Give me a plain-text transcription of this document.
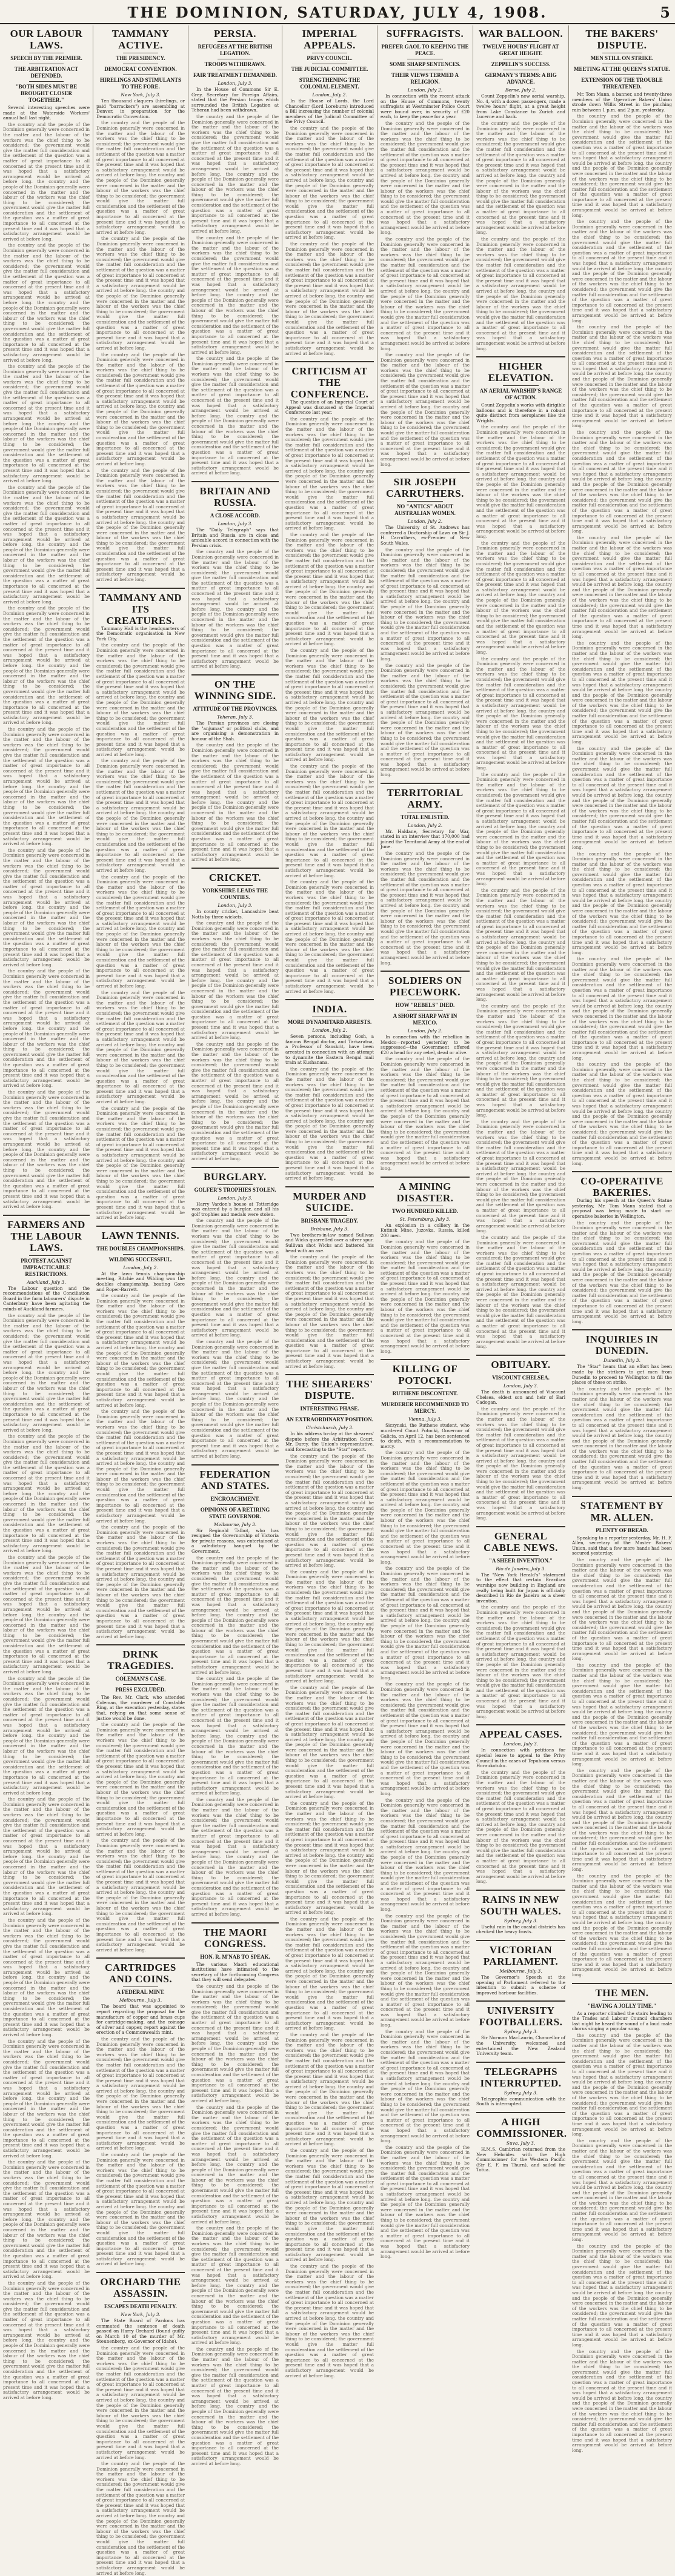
THE DOMINION, SATURDAY, JULY 4, 1908.	5
OUR LABOUR LAWS.
SPEECH BY THE PREMIER.
THE ARBITRATION ACT DEFENDED.
"BOTH SIDES MUST BE BROUGHT CLOSER TOGETHER."

Several interesting speeches were made at the Waterside Workers' annual ball last night.

the country and the people of the Dominion generally were concerned in the matter and the labour of the workers was the chief thing to be considered; the government would give the matter full consideration and the settlement of the question was a matter of great importance to all concerned at the present time and it was hoped that a satisfactory arrangement would be arrived at before long. the country and the people of the Dominion generally were concerned in the matter and the labour of the workers was the chief thing to be considered; the government would give the matter full consideration and the settlement of the question was a matter of great importance to all concerned at the present time and it was hoped that a satisfactory arrangement would be arrived at before long.

the country and the people of the Dominion generally were concerned in the matter and the labour of the workers was the chief thing to be considered; the government would give the matter full consideration and the settlement of the question was a matter of great importance to all concerned at the present time and it was hoped that a satisfactory arrangement would be arrived at before long. the country and the people of the Dominion generally were concerned in the matter and the labour of the workers was the chief thing to be considered; the government would give the matter full consideration and the settlement of the question was a matter of great importance to all concerned at the present time and it was hoped that a satisfactory arrangement would be arrived at before long.

the country and the people of the Dominion generally were concerned in the matter and the labour of the workers was the chief thing to be considered; the government would give the matter full consideration and the settlement of the question was a matter of great importance to all concerned at the present time and it was hoped that a satisfactory arrangement would be arrived at before long. the country and the people of the Dominion generally were concerned in the matter and the labour of the workers was the chief thing to be considered; the government would give the matter full consideration and the settlement of the question was a matter of great importance to all concerned at the present time and it was hoped that a satisfactory arrangement would be arrived at before long.

the country and the people of the Dominion generally were concerned in the matter and the labour of the workers was the chief thing to be considered; the government would give the matter full consideration and the settlement of the question was a matter of great importance to all concerned at the present time and it was hoped that a satisfactory arrangement would be arrived at before long. the country and the people of the Dominion generally were concerned in the matter and the labour of the workers was the chief thing to be considered; the government would give the matter full consideration and the settlement of the question was a matter of great importance to all concerned at the present time and it was hoped that a satisfactory arrangement would be arrived at before long.

the country and the people of the Dominion generally were concerned in the matter and the labour of the workers was the chief thing to be considered; the government would give the matter full consideration and the settlement of the question was a matter of great importance to all concerned at the present time and it was hoped that a satisfactory arrangement would be arrived at before long. the country and the people of the Dominion generally were concerned in the matter and the labour of the workers was the chief thing to be considered; the government would give the matter full consideration and the settlement of the question was a matter of great importance to all concerned at the present time and it was hoped that a satisfactory arrangement would be arrived at before long.

the country and the people of the Dominion generally were concerned in the matter and the labour of the workers was the chief thing to be considered; the government would give the matter full consideration and the settlement of the question was a matter of great importance to all concerned at the present time and it was hoped that a satisfactory arrangement would be arrived at before long. the country and the people of the Dominion generally were concerned in the matter and the labour of the workers was the chief thing to be considered; the government would give the matter full consideration and the settlement of the question was a matter of great importance to all concerned at the present time and it was hoped that a satisfactory arrangement would be arrived at before long.

the country and the people of the Dominion generally were concerned in the matter and the labour of the workers was the chief thing to be considered; the government would give the matter full consideration and the settlement of the question was a matter of great importance to all concerned at the present time and it was hoped that a satisfactory arrangement would be arrived at before long. the country and the people of the Dominion generally were concerned in the matter and the labour of the workers was the chief thing to be considered; the government would give the matter full consideration and the settlement of the question was a matter of great importance to all concerned at the present time and it was hoped that a satisfactory arrangement would be arrived at before long.

the country and the people of the Dominion generally were concerned in the matter and the labour of the workers was the chief thing to be considered; the government would give the matter full consideration and the settlement of the question was a matter of great importance to all concerned at the present time and it was hoped that a satisfactory arrangement would be arrived at before long. the country and the people of the Dominion generally were concerned in the matter and the labour of the workers was the chief thing to be considered; the government would give the matter full consideration and the settlement of the question was a matter of great importance to all concerned at the present time and it was hoped that a satisfactory arrangement would be arrived at before long.

the country and the people of the Dominion generally were concerned in the matter and the labour of the workers was the chief thing to be considered; the government would give the matter full consideration and the settlement of the question was a matter of great importance to all concerned at the present time and it was hoped that a satisfactory arrangement would be arrived at before long. the country and the people of the Dominion generally were concerned in the matter and the labour of the workers was the chief thing to be considered; the government would give the matter full consideration and the settlement of the question was a matter of great importance to all concerned at the present time and it was hoped that a satisfactory arrangement would be arrived at before long.

FARMERS AND THE LABOUR LAWS.
PROTEST AGAINST IMPRACTICABLE RESTRICTIONS.
Auckland, July 3.

The Labour question and the recommendations of the Conciliation Board in the farm labourers' dispute in Canterbury have been agitating the minds of Auckland farmers.

the country and the people of the Dominion generally were concerned in the matter and the labour of the workers was the chief thing to be considered; the government would give the matter full consideration and the settlement of the question was a matter of great importance to all concerned at the present time and it was hoped that a satisfactory arrangement would be arrived at before long. the country and the people of the Dominion generally were concerned in the matter and the labour of the workers was the chief thing to be considered; the government would give the matter full consideration and the settlement of the question was a matter of great importance to all concerned at the present time and it was hoped that a satisfactory arrangement would be arrived at before long.

the country and the people of the Dominion generally were concerned in the matter and the labour of the workers was the chief thing to be considered; the government would give the matter full consideration and the settlement of the question was a matter of great importance to all concerned at the present time and it was hoped that a satisfactory arrangement would be arrived at before long. the country and the people of the Dominion generally were concerned in the matter and the labour of the workers was the chief thing to be considered; the government would give the matter full consideration and the settlement of the question was a matter of great importance to all concerned at the present time and it was hoped that a satisfactory arrangement would be arrived at before long.

the country and the people of the Dominion generally were concerned in the matter and the labour of the workers was the chief thing to be considered; the government would give the matter full consideration and the settlement of the question was a matter of great importance to all concerned at the present time and it was hoped that a satisfactory arrangement would be arrived at before long. the country and the people of the Dominion generally were concerned in the matter and the labour of the workers was the chief thing to be considered; the government would give the matter full consideration and the settlement of the question was a matter of great importance to all concerned at the present time and it was hoped that a satisfactory arrangement would be arrived at before long.

the country and the people of the Dominion generally were concerned in the matter and the labour of the workers was the chief thing to be considered; the government would give the matter full consideration and the settlement of the question was a matter of great importance to all concerned at the present time and it was hoped that a satisfactory arrangement would be arrived at before long. the country and the people of the Dominion generally were concerned in the matter and the labour of the workers was the chief thing to be considered; the government would give the matter full consideration and the settlement of the question was a matter of great importance to all concerned at the present time and it was hoped that a satisfactory arrangement would be arrived at before long.

the country and the people of the Dominion generally were concerned in the matter and the labour of the workers was the chief thing to be considered; the government would give the matter full consideration and the settlement of the question was a matter of great importance to all concerned at the present time and it was hoped that a satisfactory arrangement would be arrived at before long. the country and the people of the Dominion generally were concerned in the matter and the labour of the workers was the chief thing to be considered; the government would give the matter full consideration and the settlement of the question was a matter of great importance to all concerned at the present time and it was hoped that a satisfactory arrangement would be arrived at before long.

the country and the people of the Dominion generally were concerned in the matter and the labour of the workers was the chief thing to be considered; the government would give the matter full consideration and the settlement of the question was a matter of great importance to all concerned at the present time and it was hoped that a satisfactory arrangement would be arrived at before long. the country and the people of the Dominion generally were concerned in the matter and the labour of the workers was the chief thing to be considered; the government would give the matter full consideration and the settlement of the question was a matter of great importance to all concerned at the present time and it was hoped that a satisfactory arrangement would be arrived at before long.

the country and the people of the Dominion generally were concerned in the matter and the labour of the workers was the chief thing to be considered; the government would give the matter full consideration and the settlement of the question was a matter of great importance to all concerned at the present time and it was hoped that a satisfactory arrangement would be arrived at before long. the country and the people of the Dominion generally were concerned in the matter and the labour of the workers was the chief thing to be considered; the government would give the matter full consideration and the settlement of the question was a matter of great importance to all concerned at the present time and it was hoped that a satisfactory arrangement would be arrived at before long.

the country and the people of the Dominion generally were concerned in the matter and the labour of the workers was the chief thing to be considered; the government would give the matter full consideration and the settlement of the question was a matter of great importance to all concerned at the present time and it was hoped that a satisfactory arrangement would be arrived at before long. the country and the people of the Dominion generally were concerned in the matter and the labour of the workers was the chief thing to be considered; the government would give the matter full consideration and the settlement of the question was a matter of great importance to all concerned at the present time and it was hoped that a satisfactory arrangement would be arrived at before long.

the country and the people of the Dominion generally were concerned in the matter and the labour of the workers was the chief thing to be considered; the government would give the matter full consideration and the settlement of the question was a matter of great importance to all concerned at the present time and it was hoped that a satisfactory arrangement would be arrived at before long. the country and the people of the Dominion generally were concerned in the matter and the labour of the workers was the chief thing to be considered; the government would give the matter full consideration and the settlement of the question was a matter of great importance to all concerned at the present time and it was hoped that a satisfactory arrangement would be arrived at before long.

TAMMANY ACTIVE.
THE PRESIDENCY.
DEMOCRAT CONVENTION.
HIRELINGS AND STIMULANTS TO THE FORE.
New York, July 3.

Ten thousand claquers (hirelings, or paid "barrackers") are assembling at Denver, in preparation for the Democratic Convention.

the country and the people of the Dominion generally were concerned in the matter and the labour of the workers was the chief thing to be considered; the government would give the matter full consideration and the settlement of the question was a matter of great importance to all concerned at the present time and it was hoped that a satisfactory arrangement would be arrived at before long. the country and the people of the Dominion generally were concerned in the matter and the labour of the workers was the chief thing to be considered; the government would give the matter full consideration and the settlement of the question was a matter of great importance to all concerned at the present time and it was hoped that a satisfactory arrangement would be arrived at before long.

the country and the people of the Dominion generally were concerned in the matter and the labour of the workers was the chief thing to be considered; the government would give the matter full consideration and the settlement of the question was a matter of great importance to all concerned at the present time and it was hoped that a satisfactory arrangement would be arrived at before long. the country and the people of the Dominion generally were concerned in the matter and the labour of the workers was the chief thing to be considered; the government would give the matter full consideration and the settlement of the question was a matter of great importance to all concerned at the present time and it was hoped that a satisfactory arrangement would be arrived at before long.

the country and the people of the Dominion generally were concerned in the matter and the labour of the workers was the chief thing to be considered; the government would give the matter full consideration and the settlement of the question was a matter of great importance to all concerned at the present time and it was hoped that a satisfactory arrangement would be arrived at before long. the country and the people of the Dominion generally were concerned in the matter and the labour of the workers was the chief thing to be considered; the government would give the matter full consideration and the settlement of the question was a matter of great importance to all concerned at the present time and it was hoped that a satisfactory arrangement would be arrived at before long.

the country and the people of the Dominion generally were concerned in the matter and the labour of the workers was the chief thing to be considered; the government would give the matter full consideration and the settlement of the question was a matter of great importance to all concerned at the present time and it was hoped that a satisfactory arrangement would be arrived at before long. the country and the people of the Dominion generally were concerned in the matter and the labour of the workers was the chief thing to be considered; the government would give the matter full consideration and the settlement of the question was a matter of great importance to all concerned at the present time and it was hoped that a satisfactory arrangement would be arrived at before long.

TAMMANY AND ITS CREATURES.

Tammany Hall is the headquarters of the Democratic organisation in New York City.

the country and the people of the Dominion generally were concerned in the matter and the labour of the workers was the chief thing to be considered; the government would give the matter full consideration and the settlement of the question was a matter of great importance to all concerned at the present time and it was hoped that a satisfactory arrangement would be arrived at before long. the country and the people of the Dominion generally were concerned in the matter and the labour of the workers was the chief thing to be considered; the government would give the matter full consideration and the settlement of the question was a matter of great importance to all concerned at the present time and it was hoped that a satisfactory arrangement would be arrived at before long.

the country and the people of the Dominion generally were concerned in the matter and the labour of the workers was the chief thing to be considered; the government would give the matter full consideration and the settlement of the question was a matter of great importance to all concerned at the present time and it was hoped that a satisfactory arrangement would be arrived at before long. the country and the people of the Dominion generally were concerned in the matter and the labour of the workers was the chief thing to be considered; the government would give the matter full consideration and the settlement of the question was a matter of great importance to all concerned at the present time and it was hoped that a satisfactory arrangement would be arrived at before long.

the country and the people of the Dominion generally were concerned in the matter and the labour of the workers was the chief thing to be considered; the government would give the matter full consideration and the settlement of the question was a matter of great importance to all concerned at the present time and it was hoped that a satisfactory arrangement would be arrived at before long. the country and the people of the Dominion generally were concerned in the matter and the labour of the workers was the chief thing to be considered; the government would give the matter full consideration and the settlement of the question was a matter of great importance to all concerned at the present time and it was hoped that a satisfactory arrangement would be arrived at before long.

the country and the people of the Dominion generally were concerned in the matter and the labour of the workers was the chief thing to be considered; the government would give the matter full consideration and the settlement of the question was a matter of great importance to all concerned at the present time and it was hoped that a satisfactory arrangement would be arrived at before long. the country and the people of the Dominion generally were concerned in the matter and the labour of the workers was the chief thing to be considered; the government would give the matter full consideration and the settlement of the question was a matter of great importance to all concerned at the present time and it was hoped that a satisfactory arrangement would be arrived at before long.

the country and the people of the Dominion generally were concerned in the matter and the labour of the workers was the chief thing to be considered; the government would give the matter full consideration and the settlement of the question was a matter of great importance to all concerned at the present time and it was hoped that a satisfactory arrangement would be arrived at before long. the country and the people of the Dominion generally were concerned in the matter and the labour of the workers was the chief thing to be considered; the government would give the matter full consideration and the settlement of the question was a matter of great importance to all concerned at the present time and it was hoped that a satisfactory arrangement would be arrived at before long.

LAWN TENNIS.
THE DOUBLES CHAMPIONSHIPS.
WILDING SUCCESSFUL.
London, July 2.

At the lawn tennis championship meeting, Ritchie and Wilding won the doubles championship, beating Gore and Roper-Barrett.

the country and the people of the Dominion generally were concerned in the matter and the labour of the workers was the chief thing to be considered; the government would give the matter full consideration and the settlement of the question was a matter of great importance to all concerned at the present time and it was hoped that a satisfactory arrangement would be arrived at before long. the country and the people of the Dominion generally were concerned in the matter and the labour of the workers was the chief thing to be considered; the government would give the matter full consideration and the settlement of the question was a matter of great importance to all concerned at the present time and it was hoped that a satisfactory arrangement would be arrived at before long.

the country and the people of the Dominion generally were concerned in the matter and the labour of the workers was the chief thing to be considered; the government would give the matter full consideration and the settlement of the question was a matter of great importance to all concerned at the present time and it was hoped that a satisfactory arrangement would be arrived at before long. the country and the people of the Dominion generally were concerned in the matter and the labour of the workers was the chief thing to be considered; the government would give the matter full consideration and the settlement of the question was a matter of great importance to all concerned at the present time and it was hoped that a satisfactory arrangement would be arrived at before long.

the country and the people of the Dominion generally were concerned in the matter and the labour of the workers was the chief thing to be considered; the government would give the matter full consideration and the settlement of the question was a matter of great importance to all concerned at the present time and it was hoped that a satisfactory arrangement would be arrived at before long. the country and the people of the Dominion generally were concerned in the matter and the labour of the workers was the chief thing to be considered; the government would give the matter full consideration and the settlement of the question was a matter of great importance to all concerned at the present time and it was hoped that a satisfactory arrangement would be arrived at before long.

DRINK TRAGEDIES.
COLEMAN'S CASE.
PRESS EXCLUDED.

The Rev. Mr. Clark, who attended Coleman, the murderer of Constable Ring, at the execution yesterday, states that, relying on that some sense of justice would be done.

the country and the people of the Dominion generally were concerned in the matter and the labour of the workers was the chief thing to be considered; the government would give the matter full consideration and the settlement of the question was a matter of great importance to all concerned at the present time and it was hoped that a satisfactory arrangement would be arrived at before long. the country and the people of the Dominion generally were concerned in the matter and the labour of the workers was the chief thing to be considered; the government would give the matter full consideration and the settlement of the question was a matter of great importance to all concerned at the present time and it was hoped that a satisfactory arrangement would be arrived at before long.

the country and the people of the Dominion generally were concerned in the matter and the labour of the workers was the chief thing to be considered; the government would give the matter full consideration and the settlement of the question was a matter of great importance to all concerned at the present time and it was hoped that a satisfactory arrangement would be arrived at before long. the country and the people of the Dominion generally were concerned in the matter and the labour of the workers was the chief thing to be considered; the government would give the matter full consideration and the settlement of the question was a matter of great importance to all concerned at the present time and it was hoped that a satisfactory arrangement would be arrived at before long.

CARTRIDGES AND COINS.
A FEDERAL MINT.
Melbourne, July 3.

The board that was appointed to report regarding the proposal for the manufacture of copper and brass cups for cartridge-making, and the coinage of silver and copper, report against the erection of a Commonwealth mint.

the country and the people of the Dominion generally were concerned in the matter and the labour of the workers was the chief thing to be considered; the government would give the matter full consideration and the settlement of the question was a matter of great importance to all concerned at the present time and it was hoped that a satisfactory arrangement would be arrived at before long. the country and the people of the Dominion generally were concerned in the matter and the labour of the workers was the chief thing to be considered; the government would give the matter full consideration and the settlement of the question was a matter of great importance to all concerned at the present time and it was hoped that a satisfactory arrangement would be arrived at before long.

the country and the people of the Dominion generally were concerned in the matter and the labour of the workers was the chief thing to be considered; the government would give the matter full consideration and the settlement of the question was a matter of great importance to all concerned at the present time and it was hoped that a satisfactory arrangement would be arrived at before long. the country and the people of the Dominion generally were concerned in the matter and the labour of the workers was the chief thing to be considered; the government would give the matter full consideration and the settlement of the question was a matter of great importance to all concerned at the present time and it was hoped that a satisfactory arrangement would be arrived at before long.

ORCHARD THE ASSASSIN.
ESCAPES DEATH PENALTY.
New York, July 3.

The State Board of Pardons has commuted the sentence of death passed on Harry Orchard (found guilty on March 10 of the murder of Mr. Steunenberg, ex-Governor of Idaho).

the country and the people of the Dominion generally were concerned in the matter and the labour of the workers was the chief thing to be considered; the government would give the matter full consideration and the settlement of the question was a matter of great importance to all concerned at the present time and it was hoped that a satisfactory arrangement would be arrived at before long. the country and the people of the Dominion generally were concerned in the matter and the labour of the workers was the chief thing to be considered; the government would give the matter full consideration and the settlement of the question was a matter of great importance to all concerned at the present time and it was hoped that a satisfactory arrangement would be arrived at before long.

the country and the people of the Dominion generally were concerned in the matter and the labour of the workers was the chief thing to be considered; the government would give the matter full consideration and the settlement of the question was a matter of great importance to all concerned at the present time and it was hoped that a satisfactory arrangement would be arrived at before long. the country and the people of the Dominion generally were concerned in the matter and the labour of the workers was the chief thing to be considered; the government would give the matter full consideration and the settlement of the question was a matter of great importance to all concerned at the present time and it was hoped that a satisfactory arrangement would be arrived at before long.

PERSIA.
REFUGEES AT THE BRITISH LEGATION.
TROOPS WITHDRAWN.
FAIR TREATMENT DEMANDED.
London, July 3.

In the House of Commons Sir E. Grey, Secretary for Foreign Affairs, stated that the Persian troops which surrounded the British Legation at Teheran had been withdrawn.

the country and the people of the Dominion generally were concerned in the matter and the labour of the workers was the chief thing to be considered; the government would give the matter full consideration and the settlement of the question was a matter of great importance to all concerned at the present time and it was hoped that a satisfactory arrangement would be arrived at before long. the country and the people of the Dominion generally were concerned in the matter and the labour of the workers was the chief thing to be considered; the government would give the matter full consideration and the settlement of the question was a matter of great importance to all concerned at the present time and it was hoped that a satisfactory arrangement would be arrived at before long.

the country and the people of the Dominion generally were concerned in the matter and the labour of the workers was the chief thing to be considered; the government would give the matter full consideration and the settlement of the question was a matter of great importance to all concerned at the present time and it was hoped that a satisfactory arrangement would be arrived at before long. the country and the people of the Dominion generally were concerned in the matter and the labour of the workers was the chief thing to be considered; the government would give the matter full consideration and the settlement of the question was a matter of great importance to all concerned at the present time and it was hoped that a satisfactory arrangement would be arrived at before long.

the country and the people of the Dominion generally were concerned in the matter and the labour of the workers was the chief thing to be considered; the government would give the matter full consideration and the settlement of the question was a matter of great importance to all concerned at the present time and it was hoped that a satisfactory arrangement would be arrived at before long. the country and the people of the Dominion generally were concerned in the matter and the labour of the workers was the chief thing to be considered; the government would give the matter full consideration and the settlement of the question was a matter of great importance to all concerned at the present time and it was hoped that a satisfactory arrangement would be arrived at before long.

BRITAIN AND RUSSIA.
A CLOSE ACCORD.
London, July 3.

The "Daily Telegraph" says that Britain and Russia are in close and amicable accord in connection with the Persian crisis.

the country and the people of the Dominion generally were concerned in the matter and the labour of the workers was the chief thing to be considered; the government would give the matter full consideration and the settlement of the question was a matter of great importance to all concerned at the present time and it was hoped that a satisfactory arrangement would be arrived at before long. the country and the people of the Dominion generally were concerned in the matter and the labour of the workers was the chief thing to be considered; the government would give the matter full consideration and the settlement of the question was a matter of great importance to all concerned at the present time and it was hoped that a satisfactory arrangement would be arrived at before long.

ON THE WINNING SIDE.
ATTITUDE OF THE PROVINCES.
Teheran, July 3.

The Persian provinces are closing the "anjumas" or political clubs, and are organising a demonstration in honour of the Shah.

the country and the people of the Dominion generally were concerned in the matter and the labour of the workers was the chief thing to be considered; the government would give the matter full consideration and the settlement of the question was a matter of great importance to all concerned at the present time and it was hoped that a satisfactory arrangement would be arrived at before long. the country and the people of the Dominion generally were concerned in the matter and the labour of the workers was the chief thing to be considered; the government would give the matter full consideration and the settlement of the question was a matter of great importance to all concerned at the present time and it was hoped that a satisfactory arrangement would be arrived at before long.

CRICKET.
YORKSHIRE LEADS THE COUNTIES.
London, July 3.

In county cricket, Lancashire beat Notts by three wickets.

the country and the people of the Dominion generally were concerned in the matter and the labour of the workers was the chief thing to be considered; the government would give the matter full consideration and the settlement of the question was a matter of great importance to all concerned at the present time and it was hoped that a satisfactory arrangement would be arrived at before long. the country and the people of the Dominion generally were concerned in the matter and the labour of the workers was the chief thing to be considered; the government would give the matter full consideration and the settlement of the question was a matter of great importance to all concerned at the present time and it was hoped that a satisfactory arrangement would be arrived at before long.

the country and the people of the Dominion generally were concerned in the matter and the labour of the workers was the chief thing to be considered; the government would give the matter full consideration and the settlement of the question was a matter of great importance to all concerned at the present time and it was hoped that a satisfactory arrangement would be arrived at before long. the country and the people of the Dominion generally were concerned in the matter and the labour of the workers was the chief thing to be considered; the government would give the matter full consideration and the settlement of the question was a matter of great importance to all concerned at the present time and it was hoped that a satisfactory arrangement would be arrived at before long.

BURGLARY.
GOLFER'S TROPHIES STOLEN.
London, July 3.

Harry Vardon's house at Totteridge was entered by a burglar, and all his golf trophies and medals were stolen.

the country and the people of the Dominion generally were concerned in the matter and the labour of the workers was the chief thing to be considered; the government would give the matter full consideration and the settlement of the question was a matter of great importance to all concerned at the present time and it was hoped that a satisfactory arrangement would be arrived at before long. the country and the people of the Dominion generally were concerned in the matter and the labour of the workers was the chief thing to be considered; the government would give the matter full consideration and the settlement of the question was a matter of great importance to all concerned at the present time and it was hoped that a satisfactory arrangement would be arrived at before long.

the country and the people of the Dominion generally were concerned in the matter and the labour of the workers was the chief thing to be considered; the government would give the matter full consideration and the settlement of the question was a matter of great importance to all concerned at the present time and it was hoped that a satisfactory arrangement would be arrived at before long. the country and the people of the Dominion generally were concerned in the matter and the labour of the workers was the chief thing to be considered; the government would give the matter full consideration and the settlement of the question was a matter of great importance to all concerned at the present time and it was hoped that a satisfactory arrangement would be arrived at before long.

FEDERATION AND STATES.
ENCROACHMENT.
OPINIONS OF A RETIRING STATE GOVERNOR.
Melbourne, July 3.

Sir Reginald Talbot, who has resigned the Governorship of Victoria for private reasons, was entertained at a valedictory banquet by the Government.

the country and the people of the Dominion generally were concerned in the matter and the labour of the workers was the chief thing to be considered; the government would give the matter full consideration and the settlement of the question was a matter of great importance to all concerned at the present time and it was hoped that a satisfactory arrangement would be arrived at before long. the country and the people of the Dominion generally were concerned in the matter and the labour of the workers was the chief thing to be considered; the government would give the matter full consideration and the settlement of the question was a matter of great importance to all concerned at the present time and it was hoped that a satisfactory arrangement would be arrived at before long.

the country and the people of the Dominion generally were concerned in the matter and the labour of the workers was the chief thing to be considered; the government would give the matter full consideration and the settlement of the question was a matter of great importance to all concerned at the present time and it was hoped that a satisfactory arrangement would be arrived at before long. the country and the people of the Dominion generally were concerned in the matter and the labour of the workers was the chief thing to be considered; the government would give the matter full consideration and the settlement of the question was a matter of great importance to all concerned at the present time and it was hoped that a satisfactory arrangement would be arrived at before long.

the country and the people of the Dominion generally were concerned in the matter and the labour of the workers was the chief thing to be considered; the government would give the matter full consideration and the settlement of the question was a matter of great importance to all concerned at the present time and it was hoped that a satisfactory arrangement would be arrived at before long. the country and the people of the Dominion generally were concerned in the matter and the labour of the workers was the chief thing to be considered; the government would give the matter full consideration and the settlement of the question was a matter of great importance to all concerned at the present time and it was hoped that a satisfactory arrangement would be arrived at before long.

THE MAORI CONGRESS.
HON. R. M'NAB TO SPEAK.

The various Maori educational institutions have intimated to the secretary of the forthcoming Congress that they will send delegates.

the country and the people of the Dominion generally were concerned in the matter and the labour of the workers was the chief thing to be considered; the government would give the matter full consideration and the settlement of the question was a matter of great importance to all concerned at the present time and it was hoped that a satisfactory arrangement would be arrived at before long. the country and the people of the Dominion generally were concerned in the matter and the labour of the workers was the chief thing to be considered; the government would give the matter full consideration and the settlement of the question was a matter of great importance to all concerned at the present time and it was hoped that a satisfactory arrangement would be arrived at before long.

the country and the people of the Dominion generally were concerned in the matter and the labour of the workers was the chief thing to be considered; the government would give the matter full consideration and the settlement of the question was a matter of great importance to all concerned at the present time and it was hoped that a satisfactory arrangement would be arrived at before long. the country and the people of the Dominion generally were concerned in the matter and the labour of the workers was the chief thing to be considered; the government would give the matter full consideration and the settlement of the question was a matter of great importance to all concerned at the present time and it was hoped that a satisfactory arrangement would be arrived at before long.

the country and the people of the Dominion generally were concerned in the matter and the labour of the workers was the chief thing to be considered; the government would give the matter full consideration and the settlement of the question was a matter of great importance to all concerned at the present time and it was hoped that a satisfactory arrangement would be arrived at before long. the country and the people of the Dominion generally were concerned in the matter and the labour of the workers was the chief thing to be considered; the government would give the matter full consideration and the settlement of the question was a matter of great importance to all concerned at the present time and it was hoped that a satisfactory arrangement would be arrived at before long.

the country and the people of the Dominion generally were concerned in the matter and the labour of the workers was the chief thing to be considered; the government would give the matter full consideration and the settlement of the question was a matter of great importance to all concerned at the present time and it was hoped that a satisfactory arrangement would be arrived at before long. the country and the people of the Dominion generally were concerned in the matter and the labour of the workers was the chief thing to be considered; the government would give the matter full consideration and the settlement of the question was a matter of great importance to all concerned at the present time and it was hoped that a satisfactory arrangement would be arrived at before long.

IMPERIAL APPEALS.
PRIVY COUNCIL.
THE JUDICIAL COMMITTEE.
STRENGTHENING THE COLONIAL ELEMENT.
London, July 2.

In the House of Lords, the Lord Chancellor (Lord Loreburn) introduced a Bill increasing the number of colonial members of the Judicial Committee of the Privy Council.

the country and the people of the Dominion generally were concerned in the matter and the labour of the workers was the chief thing to be considered; the government would give the matter full consideration and the settlement of the question was a matter of great importance to all concerned at the present time and it was hoped that a satisfactory arrangement would be arrived at before long. the country and the people of the Dominion generally were concerned in the matter and the labour of the workers was the chief thing to be considered; the government would give the matter full consideration and the settlement of the question was a matter of great importance to all concerned at the present time and it was hoped that a satisfactory arrangement would be arrived at before long.

the country and the people of the Dominion generally were concerned in the matter and the labour of the workers was the chief thing to be considered; the government would give the matter full consideration and the settlement of the question was a matter of great importance to all concerned at the present time and it was hoped that a satisfactory arrangement would be arrived at before long. the country and the people of the Dominion generally were concerned in the matter and the labour of the workers was the chief thing to be considered; the government would give the matter full consideration and the settlement of the question was a matter of great importance to all concerned at the present time and it was hoped that a satisfactory arrangement would be arrived at before long.

CRITICISM AT THE CONFERENCE.

The question of an Imperial Court of Appeal was discussed at the Imperial Conference last year.

the country and the people of the Dominion generally were concerned in the matter and the labour of the workers was the chief thing to be considered; the government would give the matter full consideration and the settlement of the question was a matter of great importance to all concerned at the present time and it was hoped that a satisfactory arrangement would be arrived at before long. the country and the people of the Dominion generally were concerned in the matter and the labour of the workers was the chief thing to be considered; the government would give the matter full consideration and the settlement of the question was a matter of great importance to all concerned at the present time and it was hoped that a satisfactory arrangement would be arrived at before long.

the country and the people of the Dominion generally were concerned in the matter and the labour of the workers was the chief thing to be considered; the government would give the matter full consideration and the settlement of the question was a matter of great importance to all concerned at the present time and it was hoped that a satisfactory arrangement would be arrived at before long. the country and the people of the Dominion generally were concerned in the matter and the labour of the workers was the chief thing to be considered; the government would give the matter full consideration and the settlement of the question was a matter of great importance to all concerned at the present time and it was hoped that a satisfactory arrangement would be arrived at before long.

the country and the people of the Dominion generally were concerned in the matter and the labour of the workers was the chief thing to be considered; the government would give the matter full consideration and the settlement of the question was a matter of great importance to all concerned at the present time and it was hoped that a satisfactory arrangement would be arrived at before long. the country and the people of the Dominion generally were concerned in the matter and the labour of the workers was the chief thing to be considered; the government would give the matter full consideration and the settlement of the question was a matter of great importance to all concerned at the present time and it was hoped that a satisfactory arrangement would be arrived at before long.

the country and the people of the Dominion generally were concerned in the matter and the labour of the workers was the chief thing to be considered; the government would give the matter full consideration and the settlement of the question was a matter of great importance to all concerned at the present time and it was hoped that a satisfactory arrangement would be arrived at before long. the country and the people of the Dominion generally were concerned in the matter and the labour of the workers was the chief thing to be considered; the government would give the matter full consideration and the settlement of the question was a matter of great importance to all concerned at the present time and it was hoped that a satisfactory arrangement would be arrived at before long.

the country and the people of the Dominion generally were concerned in the matter and the labour of the workers was the chief thing to be considered; the government would give the matter full consideration and the settlement of the question was a matter of great importance to all concerned at the present time and it was hoped that a satisfactory arrangement would be arrived at before long. the country and the people of the Dominion generally were concerned in the matter and the labour of the workers was the chief thing to be considered; the government would give the matter full consideration and the settlement of the question was a matter of great importance to all concerned at the present time and it was hoped that a satisfactory arrangement would be arrived at before long.

INDIA.
MORE DYNAMITARD ARRESTS.
London, July 2.

Seven persons, including Gosh, a famous Bengal doctor, and Tarkaratna, a Professor of Sanskrit, have been arrested in connection with an attempt to dynamite the Eastern Bengal mail train at Kushanana.

the country and the people of the Dominion generally were concerned in the matter and the labour of the workers was the chief thing to be considered; the government would give the matter full consideration and the settlement of the question was a matter of great importance to all concerned at the present time and it was hoped that a satisfactory arrangement would be arrived at before long. the country and the people of the Dominion generally were concerned in the matter and the labour of the workers was the chief thing to be considered; the government would give the matter full consideration and the settlement of the question was a matter of great importance to all concerned at the present time and it was hoped that a satisfactory arrangement would be arrived at before long.

MURDER AND SUICIDE.
BRISBANE TRAGEDY.
Brisbane, July 3.

Two brothers-in-law named Sullivan and Wicks quarrelled over a silver spur. Sullivan shot Wicks and battered his head with an axe.

the country and the people of the Dominion generally were concerned in the matter and the labour of the workers was the chief thing to be considered; the government would give the matter full consideration and the settlement of the question was a matter of great importance to all concerned at the present time and it was hoped that a satisfactory arrangement would be arrived at before long. the country and the people of the Dominion generally were concerned in the matter and the labour of the workers was the chief thing to be considered; the government would give the matter full consideration and the settlement of the question was a matter of great importance to all concerned at the present time and it was hoped that a satisfactory arrangement would be arrived at before long.

THE SHEARERS' DISPUTE.
INTERESTING PHASE.
AN EXTRAORDINARY POSITION.
Christchurch, July 3.

In his address to-day at the shearers' dispute before the Arbitration Court, Mr. Darcy, the Union's representative, said forecasting to the "Star" report.

the country and the people of the Dominion generally were concerned in the matter and the labour of the workers was the chief thing to be considered; the government would give the matter full consideration and the settlement of the question was a matter of great importance to all concerned at the present time and it was hoped that a satisfactory arrangement would be arrived at before long. the country and the people of the Dominion generally were concerned in the matter and the labour of the workers was the chief thing to be considered; the government would give the matter full consideration and the settlement of the question was a matter of great importance to all concerned at the present time and it was hoped that a satisfactory arrangement would be arrived at before long.

the country and the people of the Dominion generally were concerned in the matter and the labour of the workers was the chief thing to be considered; the government would give the matter full consideration and the settlement of the question was a matter of great importance to all concerned at the present time and it was hoped that a satisfactory arrangement would be arrived at before long. the country and the people of the Dominion generally were concerned in the matter and the labour of the workers was the chief thing to be considered; the government would give the matter full consideration and the settlement of the question was a matter of great importance to all concerned at the present time and it was hoped that a satisfactory arrangement would be arrived at before long.

the country and the people of the Dominion generally were concerned in the matter and the labour of the workers was the chief thing to be considered; the government would give the matter full consideration and the settlement of the question was a matter of great importance to all concerned at the present time and it was hoped that a satisfactory arrangement would be arrived at before long. the country and the people of the Dominion generally were concerned in the matter and the labour of the workers was the chief thing to be considered; the government would give the matter full consideration and the settlement of the question was a matter of great importance to all concerned at the present time and it was hoped that a satisfactory arrangement would be arrived at before long.

the country and the people of the Dominion generally were concerned in the matter and the labour of the workers was the chief thing to be considered; the government would give the matter full consideration and the settlement of the question was a matter of great importance to all concerned at the present time and it was hoped that a satisfactory arrangement would be arrived at before long. the country and the people of the Dominion generally were concerned in the matter and the labour of the workers was the chief thing to be considered; the government would give the matter full consideration and the settlement of the question was a matter of great importance to all concerned at the present time and it was hoped that a satisfactory arrangement would be arrived at before long.

the country and the people of the Dominion generally were concerned in the matter and the labour of the workers was the chief thing to be considered; the government would give the matter full consideration and the settlement of the question was a matter of great importance to all concerned at the present time and it was hoped that a satisfactory arrangement would be arrived at before long. the country and the people of the Dominion generally were concerned in the matter and the labour of the workers was the chief thing to be considered; the government would give the matter full consideration and the settlement of the question was a matter of great importance to all concerned at the present time and it was hoped that a satisfactory arrangement would be arrived at before long.

the country and the people of the Dominion generally were concerned in the matter and the labour of the workers was the chief thing to be considered; the government would give the matter full consideration and the settlement of the question was a matter of great importance to all concerned at the present time and it was hoped that a satisfactory arrangement would be arrived at before long. the country and the people of the Dominion generally were concerned in the matter and the labour of the workers was the chief thing to be considered; the government would give the matter full consideration and the settlement of the question was a matter of great importance to all concerned at the present time and it was hoped that a satisfactory arrangement would be arrived at before long.

the country and the people of the Dominion generally were concerned in the matter and the labour of the workers was the chief thing to be considered; the government would give the matter full consideration and the settlement of the question was a matter of great importance to all concerned at the present time and it was hoped that a satisfactory arrangement would be arrived at before long. the country and the people of the Dominion generally were concerned in the matter and the labour of the workers was the chief thing to be considered; the government would give the matter full consideration and the settlement of the question was a matter of great importance to all concerned at the present time and it was hoped that a satisfactory arrangement would be arrived at before long.

the country and the people of the Dominion generally were concerned in the matter and the labour of the workers was the chief thing to be considered; the government would give the matter full consideration and the settlement of the question was a matter of great importance to all concerned at the present time and it was hoped that a satisfactory arrangement would be arrived at before long. the country and the people of the Dominion generally were concerned in the matter and the labour of the workers was the chief thing to be considered; the government would give the matter full consideration and the settlement of the question was a matter of great importance to all concerned at the present time and it was hoped that a satisfactory arrangement would be arrived at before long.

SUFFRAGISTS.
PREFER GAOL TO KEEPING THE PEACE.
SOME SHARP SENTENCES.
THEIR VIEWS TERMED A RELIGION.
London, July 2.

In connection with the recent attack on the House of Commons, twenty suffragists at Westminster Police Court were bound over, in security of £20 each, to keep the peace for a year.

the country and the people of the Dominion generally were concerned in the matter and the labour of the workers was the chief thing to be considered; the government would give the matter full consideration and the settlement of the question was a matter of great importance to all concerned at the present time and it was hoped that a satisfactory arrangement would be arrived at before long. the country and the people of the Dominion generally were concerned in the matter and the labour of the workers was the chief thing to be considered; the government would give the matter full consideration and the settlement of the question was a matter of great importance to all concerned at the present time and it was hoped that a satisfactory arrangement would be arrived at before long.

the country and the people of the Dominion generally were concerned in the matter and the labour of the workers was the chief thing to be considered; the government would give the matter full consideration and the settlement of the question was a matter of great importance to all concerned at the present time and it was hoped that a satisfactory arrangement would be arrived at before long. the country and the people of the Dominion generally were concerned in the matter and the labour of the workers was the chief thing to be considered; the government would give the matter full consideration and the settlement of the question was a matter of great importance to all concerned at the present time and it was hoped that a satisfactory arrangement would be arrived at before long.

the country and the people of the Dominion generally were concerned in the matter and the labour of the workers was the chief thing to be considered; the government would give the matter full consideration and the settlement of the question was a matter of great importance to all concerned at the present time and it was hoped that a satisfactory arrangement would be arrived at before long. the country and the people of the Dominion generally were concerned in the matter and the labour of the workers was the chief thing to be considered; the government would give the matter full consideration and the settlement of the question was a matter of great importance to all concerned at the present time and it was hoped that a satisfactory arrangement would be arrived at before long.

SIR JOSEPH CARRUTHERS.
NO "ANTICS" ABOUT AUSTRALIAN WOMEN.
London, July 2.

The University of St. Andrews has conferred a Doctorship of Laws on Sir J. H. Carruthers, ex-Premier of New South Wales.

the country and the people of the Dominion generally were concerned in the matter and the labour of the workers was the chief thing to be considered; the government would give the matter full consideration and the settlement of the question was a matter of great importance to all concerned at the present time and it was hoped that a satisfactory arrangement would be arrived at before long. the country and the people of the Dominion generally were concerned in the matter and the labour of the workers was the chief thing to be considered; the government would give the matter full consideration and the settlement of the question was a matter of great importance to all concerned at the present time and it was hoped that a satisfactory arrangement would be arrived at before long.

the country and the people of the Dominion generally were concerned in the matter and the labour of the workers was the chief thing to be considered; the government would give the matter full consideration and the settlement of the question was a matter of great importance to all concerned at the present time and it was hoped that a satisfactory arrangement would be arrived at before long. the country and the people of the Dominion generally were concerned in the matter and the labour of the workers was the chief thing to be considered; the government would give the matter full consideration and the settlement of the question was a matter of great importance to all concerned at the present time and it was hoped that a satisfactory arrangement would be arrived at before long.

TERRITORIAL ARMY.
TOTAL ENLISTED.
London, July 2.

Mr. Haldane, Secretary for War, stated in an interview that 170,000 had joined the Territorial Army at the end of June.

the country and the people of the Dominion generally were concerned in the matter and the labour of the workers was the chief thing to be considered; the government would give the matter full consideration and the settlement of the question was a matter of great importance to all concerned at the present time and it was hoped that a satisfactory arrangement would be arrived at before long. the country and the people of the Dominion generally were concerned in the matter and the labour of the workers was the chief thing to be considered; the government would give the matter full consideration and the settlement of the question was a matter of great importance to all concerned at the present time and it was hoped that a satisfactory arrangement would be arrived at before long.

SOLDIERS ON PIECEWORK.
HOW "REBELS" DIED.
A SHORT SHARP WAY IN MEXICO.
London, July 2.

In connection with the rebellion in Mexico—reported yesterday to be suppressed—the Government offered £20 a head for any rebel, dead or alive.

the country and the people of the Dominion generally were concerned in the matter and the labour of the workers was the chief thing to be considered; the government would give the matter full consideration and the settlement of the question was a matter of great importance to all concerned at the present time and it was hoped that a satisfactory arrangement would be arrived at before long. the country and the people of the Dominion generally were concerned in the matter and the labour of the workers was the chief thing to be considered; the government would give the matter full consideration and the settlement of the question was a matter of great importance to all concerned at the present time and it was hoped that a satisfactory arrangement would be arrived at before long.

A MINING DISASTER.
TWO HUNDRED KILLED.
St. Petersburg, July 3.

An explosion in a colliery in the Kutinsk Mine, Juzovka, Russia, killed 200 men.

the country and the people of the Dominion generally were concerned in the matter and the labour of the workers was the chief thing to be considered; the government would give the matter full consideration and the settlement of the question was a matter of great importance to all concerned at the present time and it was hoped that a satisfactory arrangement would be arrived at before long. the country and the people of the Dominion generally were concerned in the matter and the labour of the workers was the chief thing to be considered; the government would give the matter full consideration and the settlement of the question was a matter of great importance to all concerned at the present time and it was hoped that a satisfactory arrangement would be arrived at before long.

KILLING OF POTOCKI.
RUTHENE DISCONTENT.
MURDERER RECOMMENDED TO MERCY.
Vienna, July 3.

Siczynski, the Ruthene student, who murdered Count Potocki, Governor of Galicia, on April 12, has been sentenced to death, with a recommendation to mercy.

the country and the people of the Dominion generally were concerned in the matter and the labour of the workers was the chief thing to be considered; the government would give the matter full consideration and the settlement of the question was a matter of great importance to all concerned at the present time and it was hoped that a satisfactory arrangement would be arrived at before long. the country and the people of the Dominion generally were concerned in the matter and the labour of the workers was the chief thing to be considered; the government would give the matter full consideration and the settlement of the question was a matter of great importance to all concerned at the present time and it was hoped that a satisfactory arrangement would be arrived at before long.

the country and the people of the Dominion generally were concerned in the matter and the labour of the workers was the chief thing to be considered; the government would give the matter full consideration and the settlement of the question was a matter of great importance to all concerned at the present time and it was hoped that a satisfactory arrangement would be arrived at before long. the country and the people of the Dominion generally were concerned in the matter and the labour of the workers was the chief thing to be considered; the government would give the matter full consideration and the settlement of the question was a matter of great importance to all concerned at the present time and it was hoped that a satisfactory arrangement would be arrived at before long.

the country and the people of the Dominion generally were concerned in the matter and the labour of the workers was the chief thing to be considered; the government would give the matter full consideration and the settlement of the question was a matter of great importance to all concerned at the present time and it was hoped that a satisfactory arrangement would be arrived at before long. the country and the people of the Dominion generally were concerned in the matter and the labour of the workers was the chief thing to be considered; the government would give the matter full consideration and the settlement of the question was a matter of great importance to all concerned at the present time and it was hoped that a satisfactory arrangement would be arrived at before long.

the country and the people of the Dominion generally were concerned in the matter and the labour of the workers was the chief thing to be considered; the government would give the matter full consideration and the settlement of the question was a matter of great importance to all concerned at the present time and it was hoped that a satisfactory arrangement would be arrived at before long. the country and the people of the Dominion generally were concerned in the matter and the labour of the workers was the chief thing to be considered; the government would give the matter full consideration and the settlement of the question was a matter of great importance to all concerned at the present time and it was hoped that a satisfactory arrangement would be arrived at before long.

the country and the people of the Dominion generally were concerned in the matter and the labour of the workers was the chief thing to be considered; the government would give the matter full consideration and the settlement of the question was a matter of great importance to all concerned at the present time and it was hoped that a satisfactory arrangement would be arrived at before long. the country and the people of the Dominion generally were concerned in the matter and the labour of the workers was the chief thing to be considered; the government would give the matter full consideration and the settlement of the question was a matter of great importance to all concerned at the present time and it was hoped that a satisfactory arrangement would be arrived at before long.

the country and the people of the Dominion generally were concerned in the matter and the labour of the workers was the chief thing to be considered; the government would give the matter full consideration and the settlement of the question was a matter of great importance to all concerned at the present time and it was hoped that a satisfactory arrangement would be arrived at before long. the country and the people of the Dominion generally were concerned in the matter and the labour of the workers was the chief thing to be considered; the government would give the matter full consideration and the settlement of the question was a matter of great importance to all concerned at the present time and it was hoped that a satisfactory arrangement would be arrived at before long.

the country and the people of the Dominion generally were concerned in the matter and the labour of the workers was the chief thing to be considered; the government would give the matter full consideration and the settlement of the question was a matter of great importance to all concerned at the present time and it was hoped that a satisfactory arrangement would be arrived at before long. the country and the people of the Dominion generally were concerned in the matter and the labour of the workers was the chief thing to be considered; the government would give the matter full consideration and the settlement of the question was a matter of great importance to all concerned at the present time and it was hoped that a satisfactory arrangement would be arrived at before long.

WAR BALLOON.
TWELVE HOURS' FLIGHT AT GREAT HEIGHT.
ZEPPELIN'S SUCCESS.
GERMANY'S TERMS: A BIG ADVANCE.
Berne, July 2.

Count Zeppelin's new aerial warship, No. 4, with a dozen passengers, made a twelve hours' flight, at a great height from Lake Constance to Zurich and Lucerne and back.

the country and the people of the Dominion generally were concerned in the matter and the labour of the workers was the chief thing to be considered; the government would give the matter full consideration and the settlement of the question was a matter of great importance to all concerned at the present time and it was hoped that a satisfactory arrangement would be arrived at before long. the country and the people of the Dominion generally were concerned in the matter and the labour of the workers was the chief thing to be considered; the government would give the matter full consideration and the settlement of the question was a matter of great importance to all concerned at the present time and it was hoped that a satisfactory arrangement would be arrived at before long.

the country and the people of the Dominion generally were concerned in the matter and the labour of the workers was the chief thing to be considered; the government would give the matter full consideration and the settlement of the question was a matter of great importance to all concerned at the present time and it was hoped that a satisfactory arrangement would be arrived at before long. the country and the people of the Dominion generally were concerned in the matter and the labour of the workers was the chief thing to be considered; the government would give the matter full consideration and the settlement of the question was a matter of great importance to all concerned at the present time and it was hoped that a satisfactory arrangement would be arrived at before long.

HIGHER ELEVATION.
AN AERIAL WARSHIP'S RANGE OF ACTION.

Count Zeppelin's works with dirigible balloons and is therefore in a robust quite distinct from aeroplanes like the Wrights.

the country and the people of the Dominion generally were concerned in the matter and the labour of the workers was the chief thing to be considered; the government would give the matter full consideration and the settlement of the question was a matter of great importance to all concerned at the present time and it was hoped that a satisfactory arrangement would be arrived at before long. the country and the people of the Dominion generally were concerned in the matter and the labour of the workers was the chief thing to be considered; the government would give the matter full consideration and the settlement of the question was a matter of great importance to all concerned at the present time and it was hoped that a satisfactory arrangement would be arrived at before long.

the country and the people of the Dominion generally were concerned in the matter and the labour of the workers was the chief thing to be considered; the government would give the matter full consideration and the settlement of the question was a matter of great importance to all concerned at the present time and it was hoped that a satisfactory arrangement would be arrived at before long. the country and the people of the Dominion generally were concerned in the matter and the labour of the workers was the chief thing to be considered; the government would give the matter full consideration and the settlement of the question was a matter of great importance to all concerned at the present time and it was hoped that a satisfactory arrangement would be arrived at before long.

the country and the people of the Dominion generally were concerned in the matter and the labour of the workers was the chief thing to be considered; the government would give the matter full consideration and the settlement of the question was a matter of great importance to all concerned at the present time and it was hoped that a satisfactory arrangement would be arrived at before long. the country and the people of the Dominion generally were concerned in the matter and the labour of the workers was the chief thing to be considered; the government would give the matter full consideration and the settlement of the question was a matter of great importance to all concerned at the present time and it was hoped that a satisfactory arrangement would be arrived at before long.

the country and the people of the Dominion generally were concerned in the matter and the labour of the workers was the chief thing to be considered; the government would give the matter full consideration and the settlement of the question was a matter of great importance to all concerned at the present time and it was hoped that a satisfactory arrangement would be arrived at before long. the country and the people of the Dominion generally were concerned in the matter and the labour of the workers was the chief thing to be considered; the government would give the matter full consideration and the settlement of the question was a matter of great importance to all concerned at the present time and it was hoped that a satisfactory arrangement would be arrived at before long.

the country and the people of the Dominion generally were concerned in the matter and the labour of the workers was the chief thing to be considered; the government would give the matter full consideration and the settlement of the question was a matter of great importance to all concerned at the present time and it was hoped that a satisfactory arrangement would be arrived at before long. the country and the people of the Dominion generally were concerned in the matter and the labour of the workers was the chief thing to be considered; the government would give the matter full consideration and the settlement of the question was a matter of great importance to all concerned at the present time and it was hoped that a satisfactory arrangement would be arrived at before long.

the country and the people of the Dominion generally were concerned in the matter and the labour of the workers was the chief thing to be considered; the government would give the matter full consideration and the settlement of the question was a matter of great importance to all concerned at the present time and it was hoped that a satisfactory arrangement would be arrived at before long. the country and the people of the Dominion generally were concerned in the matter and the labour of the workers was the chief thing to be considered; the government would give the matter full consideration and the settlement of the question was a matter of great importance to all concerned at the present time and it was hoped that a satisfactory arrangement would be arrived at before long.

the country and the people of the Dominion generally were concerned in the matter and the labour of the workers was the chief thing to be considered; the government would give the matter full consideration and the settlement of the question was a matter of great importance to all concerned at the present time and it was hoped that a satisfactory arrangement would be arrived at before long. the country and the people of the Dominion generally were concerned in the matter and the labour of the workers was the chief thing to be considered; the government would give the matter full consideration and the settlement of the question was a matter of great importance to all concerned at the present time and it was hoped that a satisfactory arrangement would be arrived at before long.

the country and the people of the Dominion generally were concerned in the matter and the labour of the workers was the chief thing to be considered; the government would give the matter full consideration and the settlement of the question was a matter of great importance to all concerned at the present time and it was hoped that a satisfactory arrangement would be arrived at before long. the country and the people of the Dominion generally were concerned in the matter and the labour of the workers was the chief thing to be considered; the government would give the matter full consideration and the settlement of the question was a matter of great importance to all concerned at the present time and it was hoped that a satisfactory arrangement would be arrived at before long.

OBITUARY.
VISCOUNT CHELSEA.
London, July 3.

The death is announced of Viscount Chelsea, eldest son and heir of Earl Cadogan.

the country and the people of the Dominion generally were concerned in the matter and the labour of the workers was the chief thing to be considered; the government would give the matter full consideration and the settlement of the question was a matter of great importance to all concerned at the present time and it was hoped that a satisfactory arrangement would be arrived at before long. the country and the people of the Dominion generally were concerned in the matter and the labour of the workers was the chief thing to be considered; the government would give the matter full consideration and the settlement of the question was a matter of great importance to all concerned at the present time and it was hoped that a satisfactory arrangement would be arrived at before long.

GENERAL CABLE NEWS.
"A SHEER INVENTION."
Rio de Janeiro, July 3.

The "New York Herald's" statement to the effect that certain Brazilian warships now building in England are really being built for Japan is officially described in Rio de Janeiro as a sheer invention.

the country and the people of the Dominion generally were concerned in the matter and the labour of the workers was the chief thing to be considered; the government would give the matter full consideration and the settlement of the question was a matter of great importance to all concerned at the present time and it was hoped that a satisfactory arrangement would be arrived at before long. the country and the people of the Dominion generally were concerned in the matter and the labour of the workers was the chief thing to be considered; the government would give the matter full consideration and the settlement of the question was a matter of great importance to all concerned at the present time and it was hoped that a satisfactory arrangement would be arrived at before long.

APPEAL CASES.
London, July 3.

In connection with petitions for special leave to appeal to the Privy Council in the cases of Tepuhonu versus Horaukotuku.

the country and the people of the Dominion generally were concerned in the matter and the labour of the workers was the chief thing to be considered; the government would give the matter full consideration and the settlement of the question was a matter of great importance to all concerned at the present time and it was hoped that a satisfactory arrangement would be arrived at before long. the country and the people of the Dominion generally were concerned in the matter and the labour of the workers was the chief thing to be considered; the government would give the matter full consideration and the settlement of the question was a matter of great importance to all concerned at the present time and it was hoped that a satisfactory arrangement would be arrived at before long.

RAINS IN NEW SOUTH WALES.
Sydney, July 3.

Useful rain in the coastal districts has checked the heavy frosts.

VICTORIAN PARLIAMENT.
Melbourne, July 3.

The Governor's Speech at the opening of Parliament referred to the intention to submit a scheme of improved harbour facilities.

UNIVERSITY FOOTBALLERS.
Sydney, July 3.

Sir Norman MacLaurin, Chancellor of the University, welcomed and entertained the New Zealand University team.

TELEGRAPHS INTERRUPTED.
Sydney, July 3.

Telegraphic communication with the South is interrupted.

A HIGH COMMISSIONER.
Suva, July 3.

H.M.S. Cambrian returned from the New Hebrides with the High Commissioner for the Western Pacific (Sir E. F. im Thurn), and sailed for Tofua.

THE BAKERS' DISPUTE.
MEN STILL ON STRIKE.
MEETING AT THE QUEEN'S STATUE.
EXTENSION OF THE TROUBLE THREATENED.

Mr. Tom Mann, a banner, and twenty-three members of the Operative Bakers' Union strode down Willis Street in the pinching rain between 1 p.m. and 2 p.m. yesterday.

the country and the people of the Dominion generally were concerned in the matter and the labour of the workers was the chief thing to be considered; the government would give the matter full consideration and the settlement of the question was a matter of great importance to all concerned at the present time and it was hoped that a satisfactory arrangement would be arrived at before long. the country and the people of the Dominion generally were concerned in the matter and the labour of the workers was the chief thing to be considered; the government would give the matter full consideration and the settlement of the question was a matter of great importance to all concerned at the present time and it was hoped that a satisfactory arrangement would be arrived at before long.

the country and the people of the Dominion generally were concerned in the matter and the labour of the workers was the chief thing to be considered; the government would give the matter full consideration and the settlement of the question was a matter of great importance to all concerned at the present time and it was hoped that a satisfactory arrangement would be arrived at before long. the country and the people of the Dominion generally were concerned in the matter and the labour of the workers was the chief thing to be considered; the government would give the matter full consideration and the settlement of the question was a matter of great importance to all concerned at the present time and it was hoped that a satisfactory arrangement would be arrived at before long.

the country and the people of the Dominion generally were concerned in the matter and the labour of the workers was the chief thing to be considered; the government would give the matter full consideration and the settlement of the question was a matter of great importance to all concerned at the present time and it was hoped that a satisfactory arrangement would be arrived at before long. the country and the people of the Dominion generally were concerned in the matter and the labour of the workers was the chief thing to be considered; the government would give the matter full consideration and the settlement of the question was a matter of great importance to all concerned at the present time and it was hoped that a satisfactory arrangement would be arrived at before long.

the country and the people of the Dominion generally were concerned in the matter and the labour of the workers was the chief thing to be considered; the government would give the matter full consideration and the settlement of the question was a matter of great importance to all concerned at the present time and it was hoped that a satisfactory arrangement would be arrived at before long. the country and the people of the Dominion generally were concerned in the matter and the labour of the workers was the chief thing to be considered; the government would give the matter full consideration and the settlement of the question was a matter of great importance to all concerned at the present time and it was hoped that a satisfactory arrangement would be arrived at before long.

the country and the people of the Dominion generally were concerned in the matter and the labour of the workers was the chief thing to be considered; the government would give the matter full consideration and the settlement of the question was a matter of great importance to all concerned at the present time and it was hoped that a satisfactory arrangement would be arrived at before long. the country and the people of the Dominion generally were concerned in the matter and the labour of the workers was the chief thing to be considered; the government would give the matter full consideration and the settlement of the question was a matter of great importance to all concerned at the present time and it was hoped that a satisfactory arrangement would be arrived at before long.

the country and the people of the Dominion generally were concerned in the matter and the labour of the workers was the chief thing to be considered; the government would give the matter full consideration and the settlement of the question was a matter of great importance to all concerned at the present time and it was hoped that a satisfactory arrangement would be arrived at before long. the country and the people of the Dominion generally were concerned in the matter and the labour of the workers was the chief thing to be considered; the government would give the matter full consideration and the settlement of the question was a matter of great importance to all concerned at the present time and it was hoped that a satisfactory arrangement would be arrived at before long.

the country and the people of the Dominion generally were concerned in the matter and the labour of the workers was the chief thing to be considered; the government would give the matter full consideration and the settlement of the question was a matter of great importance to all concerned at the present time and it was hoped that a satisfactory arrangement would be arrived at before long. the country and the people of the Dominion generally were concerned in the matter and the labour of the workers was the chief thing to be considered; the government would give the matter full consideration and the settlement of the question was a matter of great importance to all concerned at the present time and it was hoped that a satisfactory arrangement would be arrived at before long.

the country and the people of the Dominion generally were concerned in the matter and the labour of the workers was the chief thing to be considered; the government would give the matter full consideration and the settlement of the question was a matter of great importance to all concerned at the present time and it was hoped that a satisfactory arrangement would be arrived at before long. the country and the people of the Dominion generally were concerned in the matter and the labour of the workers was the chief thing to be considered; the government would give the matter full consideration and the settlement of the question was a matter of great importance to all concerned at the present time and it was hoped that a satisfactory arrangement would be arrived at before long.

the country and the people of the Dominion generally were concerned in the matter and the labour of the workers was the chief thing to be considered; the government would give the matter full consideration and the settlement of the question was a matter of great importance to all concerned at the present time and it was hoped that a satisfactory arrangement would be arrived at before long. the country and the people of the Dominion generally were concerned in the matter and the labour of the workers was the chief thing to be considered; the government would give the matter full consideration and the settlement of the question was a matter of great importance to all concerned at the present time and it was hoped that a satisfactory arrangement would be arrived at before long.

the country and the people of the Dominion generally were concerned in the matter and the labour of the workers was the chief thing to be considered; the government would give the matter full consideration and the settlement of the question was a matter of great importance to all concerned at the present time and it was hoped that a satisfactory arrangement would be arrived at before long. the country and the people of the Dominion generally were concerned in the matter and the labour of the workers was the chief thing to be considered; the government would give the matter full consideration and the settlement of the question was a matter of great importance to all concerned at the present time and it was hoped that a satisfactory arrangement would be arrived at before long.

CO-OPERATIVE BAKERIES.

During his speech at the Queen's Statue yesterday, Mr. Tom Mann stated that a proposal was being made to start co-operative bakeries in Wellington.

the country and the people of the Dominion generally were concerned in the matter and the labour of the workers was the chief thing to be considered; the government would give the matter full consideration and the settlement of the question was a matter of great importance to all concerned at the present time and it was hoped that a satisfactory arrangement would be arrived at before long. the country and the people of the Dominion generally were concerned in the matter and the labour of the workers was the chief thing to be considered; the government would give the matter full consideration and the settlement of the question was a matter of great importance to all concerned at the present time and it was hoped that a satisfactory arrangement would be arrived at before long.

INQUIRIES IN DUNEDIN.
Dunedin, July 3.

The "Star" hears that an effort has been made by the strikers to get men from Dunedin to proceed to Wellington to fill the places of those on strike.

the country and the people of the Dominion generally were concerned in the matter and the labour of the workers was the chief thing to be considered; the government would give the matter full consideration and the settlement of the question was a matter of great importance to all concerned at the present time and it was hoped that a satisfactory arrangement would be arrived at before long. the country and the people of the Dominion generally were concerned in the matter and the labour of the workers was the chief thing to be considered; the government would give the matter full consideration and the settlement of the question was a matter of great importance to all concerned at the present time and it was hoped that a satisfactory arrangement would be arrived at before long.

STATEMENT BY MR. ALLEN.
PLENTY OF BREAD.

Speaking to a reporter yesterday, Mr. H. F. Allen, secretary of the Master Bakers' Union, said that a few more hands had been secured yesterday.

the country and the people of the Dominion generally were concerned in the matter and the labour of the workers was the chief thing to be considered; the government would give the matter full consideration and the settlement of the question was a matter of great importance to all concerned at the present time and it was hoped that a satisfactory arrangement would be arrived at before long. the country and the people of the Dominion generally were concerned in the matter and the labour of the workers was the chief thing to be considered; the government would give the matter full consideration and the settlement of the question was a matter of great importance to all concerned at the present time and it was hoped that a satisfactory arrangement would be arrived at before long.

the country and the people of the Dominion generally were concerned in the matter and the labour of the workers was the chief thing to be considered; the government would give the matter full consideration and the settlement of the question was a matter of great importance to all concerned at the present time and it was hoped that a satisfactory arrangement would be arrived at before long. the country and the people of the Dominion generally were concerned in the matter and the labour of the workers was the chief thing to be considered; the government would give the matter full consideration and the settlement of the question was a matter of great importance to all concerned at the present time and it was hoped that a satisfactory arrangement would be arrived at before long.

the country and the people of the Dominion generally were concerned in the matter and the labour of the workers was the chief thing to be considered; the government would give the matter full consideration and the settlement of the question was a matter of great importance to all concerned at the present time and it was hoped that a satisfactory arrangement would be arrived at before long. the country and the people of the Dominion generally were concerned in the matter and the labour of the workers was the chief thing to be considered; the government would give the matter full consideration and the settlement of the question was a matter of great importance to all concerned at the present time and it was hoped that a satisfactory arrangement would be arrived at before long.

the country and the people of the Dominion generally were concerned in the matter and the labour of the workers was the chief thing to be considered; the government would give the matter full consideration and the settlement of the question was a matter of great importance to all concerned at the present time and it was hoped that a satisfactory arrangement would be arrived at before long. the country and the people of the Dominion generally were concerned in the matter and the labour of the workers was the chief thing to be considered; the government would give the matter full consideration and the settlement of the question was a matter of great importance to all concerned at the present time and it was hoped that a satisfactory arrangement would be arrived at before long.

THE MEN.
"HAVING A JOLLY TIME."

As a reporter climbed the stairs leading to the Trades and Labour Council chambers last night he heard the sound of a loud male chorus singing a popular song.

the country and the people of the Dominion generally were concerned in the matter and the labour of the workers was the chief thing to be considered; the government would give the matter full consideration and the settlement of the question was a matter of great importance to all concerned at the present time and it was hoped that a satisfactory arrangement would be arrived at before long. the country and the people of the Dominion generally were concerned in the matter and the labour of the workers was the chief thing to be considered; the government would give the matter full consideration and the settlement of the question was a matter of great importance to all concerned at the present time and it was hoped that a satisfactory arrangement would be arrived at before long.

the country and the people of the Dominion generally were concerned in the matter and the labour of the workers was the chief thing to be considered; the government would give the matter full consideration and the settlement of the question was a matter of great importance to all concerned at the present time and it was hoped that a satisfactory arrangement would be arrived at before long. the country and the people of the Dominion generally were concerned in the matter and the labour of the workers was the chief thing to be considered; the government would give the matter full consideration and the settlement of the question was a matter of great importance to all concerned at the present time and it was hoped that a satisfactory arrangement would be arrived at before long.

the country and the people of the Dominion generally were concerned in the matter and the labour of the workers was the chief thing to be considered; the government would give the matter full consideration and the settlement of the question was a matter of great importance to all concerned at the present time and it was hoped that a satisfactory arrangement would be arrived at before long. the country and the people of the Dominion generally were concerned in the matter and the labour of the workers was the chief thing to be considered; the government would give the matter full consideration and the settlement of the question was a matter of great importance to all concerned at the present time and it was hoped that a satisfactory arrangement would be arrived at before long.

the country and the people of the Dominion generally were concerned in the matter and the labour of the workers was the chief thing to be considered; the government would give the matter full consideration and the settlement of the question was a matter of great importance to all concerned at the present time and it was hoped that a satisfactory arrangement would be arrived at before long. the country and the people of the Dominion generally were concerned in the matter and the labour of the workers was the chief thing to be considered; the government would give the matter full consideration and the settlement of the question was a matter of great importance to all concerned at the present time and it was hoped that a satisfactory arrangement would be arrived at before long.
